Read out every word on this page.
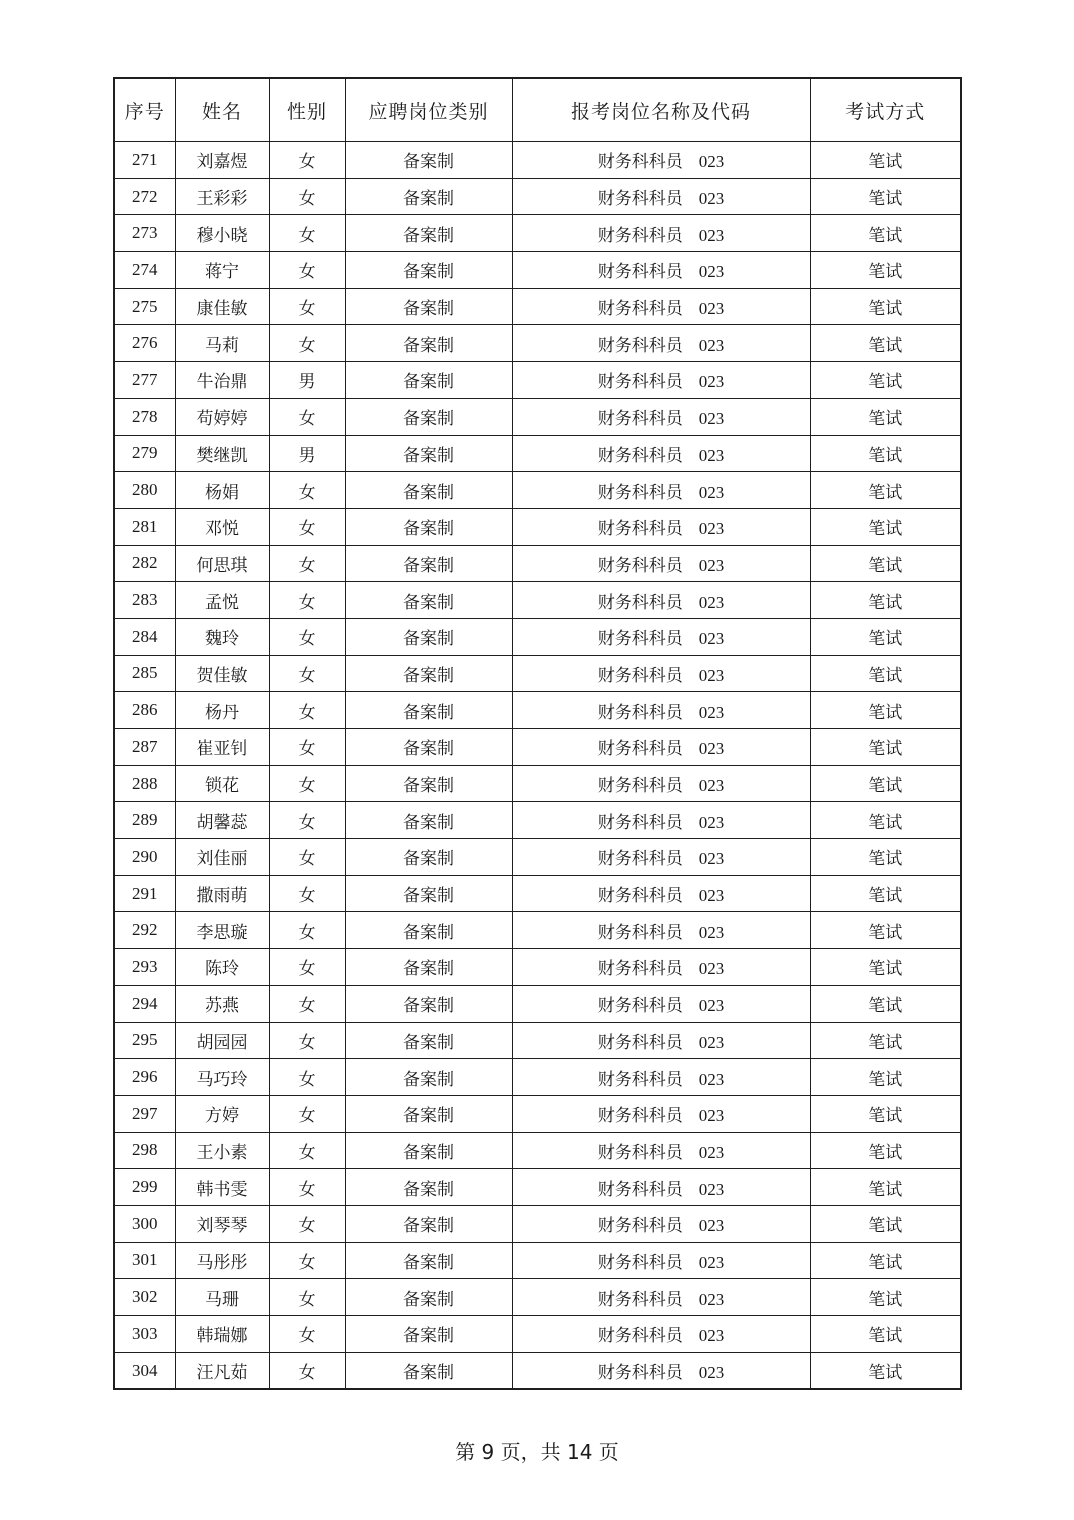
序号	姓名	性别	应聘岗位类别	报考岗位名称及代码	考试方式
271	刘嘉煜	女	备案制	财务科科员 023	笔试
272	王彩彩	女	备案制	财务科科员 023	笔试
273	穆小晓	女	备案制	财务科科员 023	笔试
274	蒋宁	女	备案制	财务科科员 023	笔试
275	康佳敏	女	备案制	财务科科员 023	笔试
276	马莉	女	备案制	财务科科员 023	笔试
277	牛治鼎	男	备案制	财务科科员 023	笔试
278	苟婷婷	女	备案制	财务科科员 023	笔试
279	樊继凯	男	备案制	财务科科员 023	笔试
280	杨娟	女	备案制	财务科科员 023	笔试
281	邓悦	女	备案制	财务科科员 023	笔试
282	何思琪	女	备案制	财务科科员 023	笔试
283	孟悦	女	备案制	财务科科员 023	笔试
284	魏玲	女	备案制	财务科科员 023	笔试
285	贺佳敏	女	备案制	财务科科员 023	笔试
286	杨丹	女	备案制	财务科科员 023	笔试
287	崔亚钊	女	备案制	财务科科员 023	笔试
288	锁花	女	备案制	财务科科员 023	笔试
289	胡馨蕊	女	备案制	财务科科员 023	笔试
290	刘佳丽	女	备案制	财务科科员 023	笔试
291	撒雨萌	女	备案制	财务科科员 023	笔试
292	李思璇	女	备案制	财务科科员 023	笔试
293	陈玲	女	备案制	财务科科员 023	笔试
294	苏燕	女	备案制	财务科科员 023	笔试
295	胡园园	女	备案制	财务科科员 023	笔试
296	马巧玲	女	备案制	财务科科员 023	笔试
297	方婷	女	备案制	财务科科员 023	笔试
298	王小素	女	备案制	财务科科员 023	笔试
299	韩书雯	女	备案制	财务科科员 023	笔试
300	刘琴琴	女	备案制	财务科科员 023	笔试
301	马彤彤	女	备案制	财务科科员 023	笔试
302	马珊	女	备案制	财务科科员 023	笔试
303	韩瑞娜	女	备案制	财务科科员 023	笔试
304	汪凡茹	女	备案制	财务科科员 023	笔试
第 9 页，共 14 页
